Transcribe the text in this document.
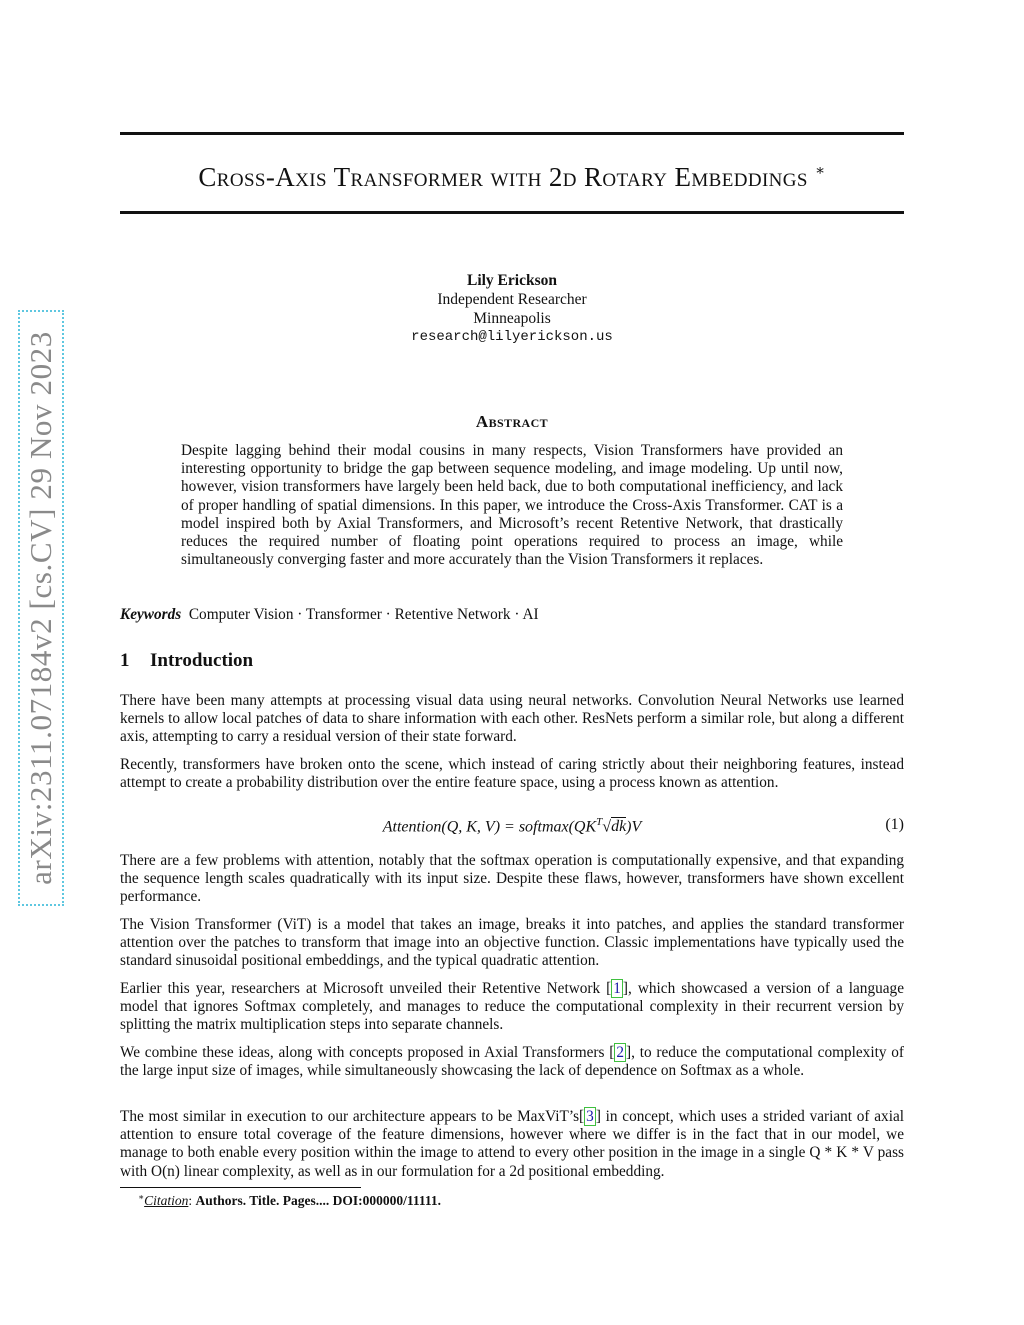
arXiv:2311.07184v2 [cs.CV] 29 Nov 2023
Cross-Axis Transformer with 2d Rotary Embeddings ∗
Lily Erickson
Independent Researcher
Minneapolis
research@lilyerickson.us
Abstract

Despite lagging behind their modal cousins in many respects, Vision Transformers have provided an interesting opportunity to bridge the gap between sequence modeling, and image modeling. Up until now, however, vision transformers have largely been held back, due to both computational inefficiency, and lack of proper handling of spatial dimensions. In this paper, we introduce the Cross-Axis Transformer. CAT is a model inspired both by Axial Transformers, and Microsoft’s recent Retentive Network, that drastically reduces the required number of floating point operations required to process an image, while simultaneously converging faster and more accurately than the Vision Transformers it replaces.

Keywords Computer Vision · Transformer · Retentive Network · AI
1 Introduction

There have been many attempts at processing visual data using neural networks. Convolution Neural Networks use learned kernels to allow local patches of data to share information with each other. ResNets perform a similar role, but along a different axis, attempting to carry a residual version of their state forward.

Recently, transformers have broken onto the scene, which instead of caring strictly about their neighboring features, instead attempt to create a probability distribution over the entire feature space, using a process known as attention.

Attention(Q, K, $V) = softmax(QK^T√dk)V$	(1)

There are a few problems with attention, notably that the softmax operation is computationally expensive, and that expanding the sequence length scales quadratically with its input size. Despite these flaws, however, transformers have shown excellent performance.

The Vision Transformer (ViT) is a model that takes an image, breaks it into patches, and applies the standard transformer attention over the patches to transform that image into an objective function. Classic implementations have typically used the standard sinusoidal positional embeddings, and the typical quadratic attention.

Earlier this year, researchers at Microsoft unveiled their Retentive Network [ 1 ], which showcased a version of a language model that ignores Softmax completely, and manages to reduce the computational complexity in their recurrent version by splitting the matrix multiplication steps into separate channels.

We combine these ideas, along with concepts proposed in Axial Transformers [ 2 ], to reduce the computational complexity of the large input size of images, while simultaneously showcasing the lack of dependence on Softmax as a whole.

The most similar in execution to our architecture appears to be MaxViT’s[ 3 ] in concept, which uses a strided variant of axial attention to ensure total coverage of the feature dimensions, however where we differ is in the fact that in our model, we manage to both enable every position within the image to attend to every other position in the image in a single Q * K * V pass with O(n) linear complexity, as well as in our formulation for a 2d positional embedding.

∗Citation: Authors. Title. Pages.... DOI:000000/11111.
